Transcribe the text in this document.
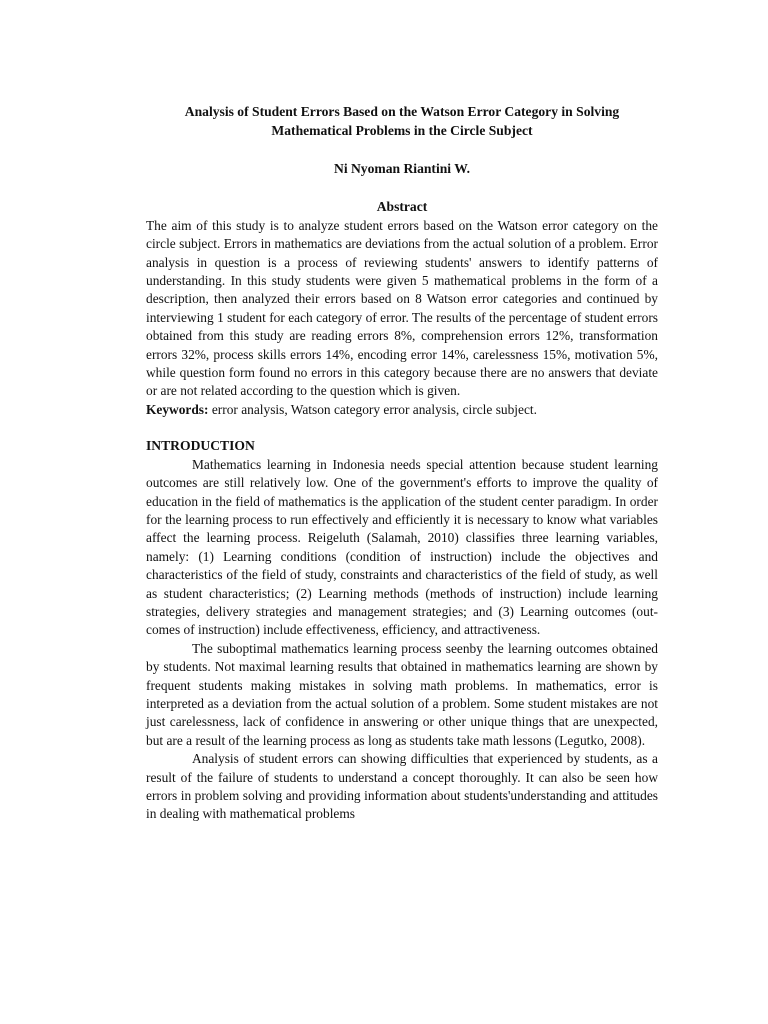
Analysis of Student Errors Based on the Watson Error Category in Solving Mathematical Problems in the Circle Subject

Ni Nyoman Riantini W.

Abstract

The aim of this study is to analyze student errors based on the Watson error category on the circle subject. Errors in mathematics are deviations from the actual solution of a problem. Error analysis in question is a process of reviewing students' answers to identify patterns of understanding. In this study students were given 5 mathematical problems in the form of a description, then analyzed their errors based on 8 Watson error categories and continued by interviewing 1 student for each category of error. The results of the percentage of student errors obtained from this study are reading errors 8%, comprehension errors 12%, transformation errors 32%, process skills errors 14%, encoding error 14%, carelessness 15%, motivation 5%, while question form found no errors in this category because there are no answers that deviate or are not related according to the question which is given.

Keywords: error analysis, Watson category error analysis, circle subject.

INTRODUCTION

Mathematics learning in Indonesia needs special attention because student learning outcomes are still relatively low. One of the government's efforts to improve the quality of education in the field of mathematics is the application of the student center paradigm. In order for the learning process to run effectively and efficiently it is necessary to know what variables affect the learning process. Reigeluth (Salamah, 2010) classifies three learning variables, namely: (1) Learning conditions (condition of instruction) include the objectives and characteristics of the field of study, constraints and characteristics of the field of study, as well as student characteristics; (2) Learning methods (methods of instruction) include learning strategies, delivery strategies and management strategies; and (3) Learning outcomes (out-comes of instruction) include effectiveness, efficiency, and attractiveness.

The suboptimal mathematics learning process seenby the learning outcomes obtained by students. Not maximal learning results that obtained in mathematics learning are shown by frequent students making mistakes in solving math problems. In mathematics, error is interpreted as a deviation from the actual solution of a problem. Some student mistakes are not just carelessness, lack of confidence in answering or other unique things that are unexpected, but are a result of the learning process as long as students take math lessons (Legutko, 2008).

Analysis of student errors can showing difficulties that experienced by students, as a result of the failure of students to understand a concept thoroughly. It can also be seen how errors in problem solving and providing information about students'understanding and attitudes in dealing with mathematical problems
